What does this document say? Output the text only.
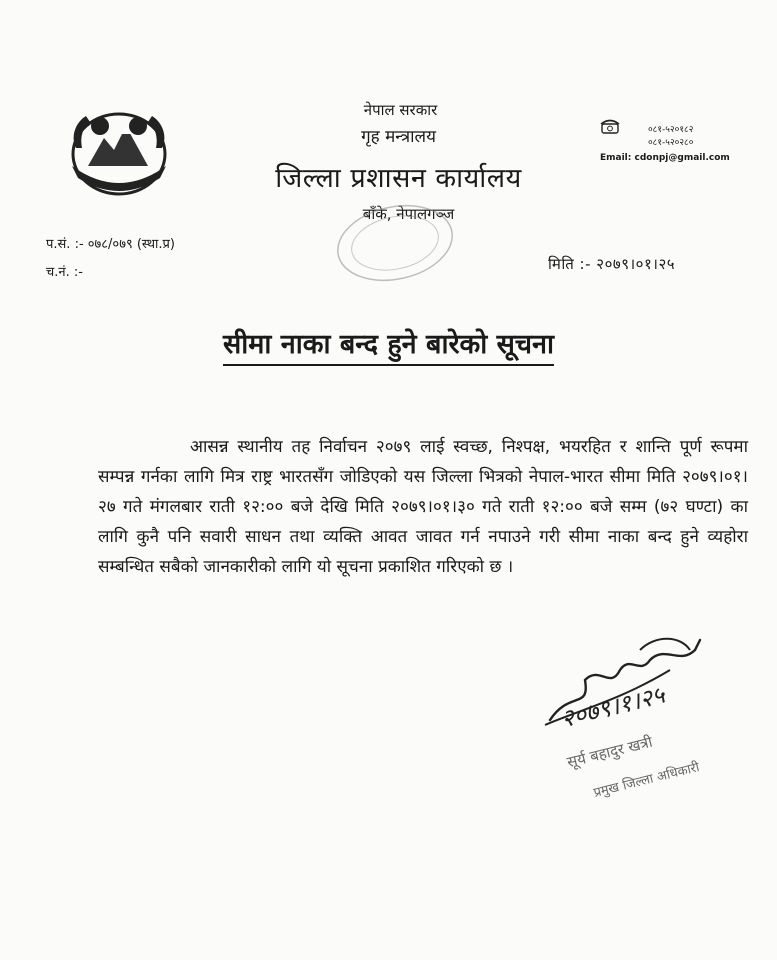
नेपाल सरकार
गृह मन्त्रालय
जिल्ला प्रशासन कार्यालय
बाँके, नेपालगञ्ज
०८१-५२०१८२
०८१-५२०२८०
Email: cdonpj@gmail.com
प.सं. :- ०७८/०७९ (स्था.प्र)
च.नं. :-	मिति :- २०७९।०१।२५
सीमा नाका बन्द हुने बारेको सूचना
आसन्न स्थानीय तह निर्वाचन २०७९ लाई स्वच्छ, निश्पक्ष, भयरहित र शान्ति पूर्ण रूपमा सम्पन्न गर्नका लागि मित्र राष्ट्र भारतसँग जोडिएको यस जिल्ला भित्रको नेपाल-भारत सीमा मिति २०७९।०१।२७ गते मंगलबार राती १२:०० बजे देखि मिति २०७९।०१।३० गते राती १२:०० बजे सम्म (७२ घण्टा) का लागि कुनै पनि सवारी साधन तथा व्यक्ति आवत जावत गर्न नपाउने गरी सीमा नाका बन्द हुने व्यहोरा सम्बन्धित सबैको जानकारीको लागि यो सूचना प्रकाशित गरिएको छ ।
२०७९।१।२५
सूर्य बहादुर खत्री
प्रमुख जिल्ला अधिकारी
